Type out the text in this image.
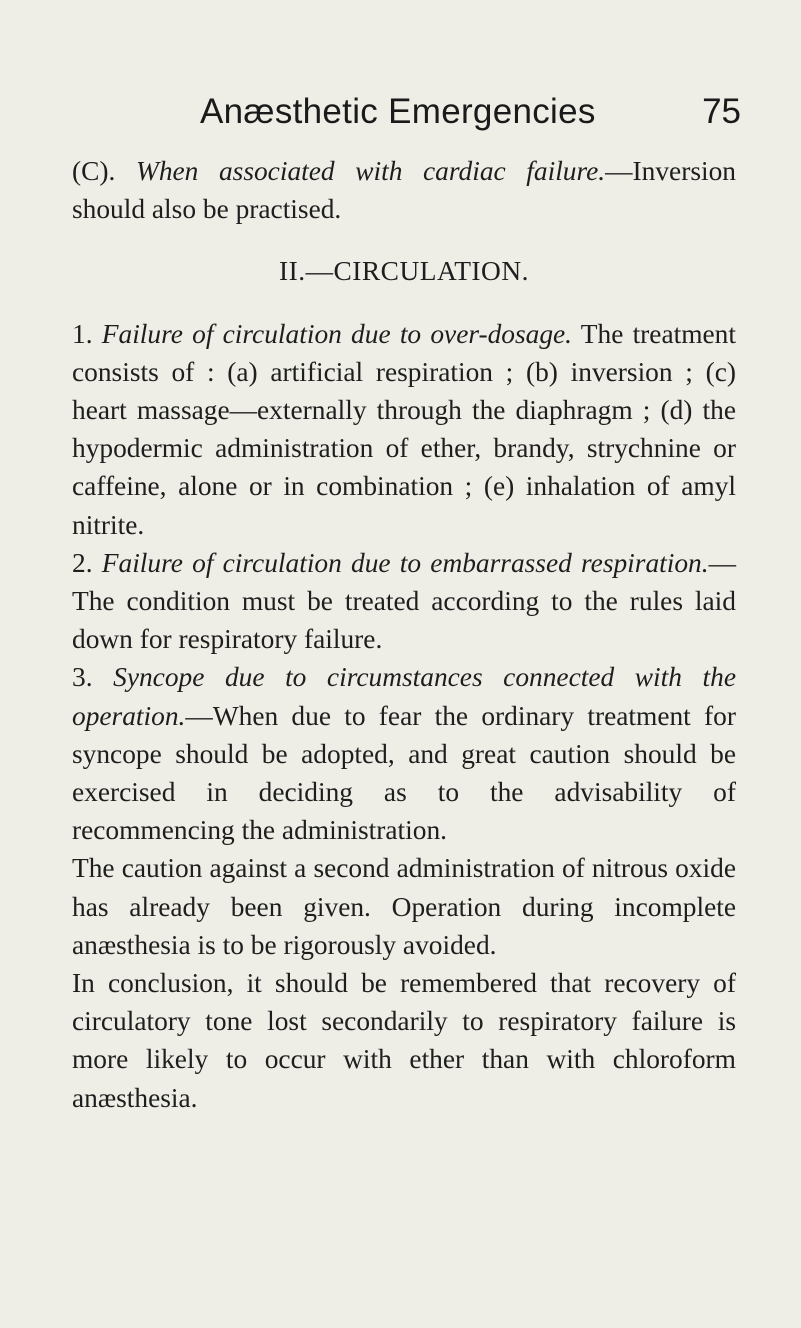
Anæsthetic Emergencies	75

(C). When associated with cardiac failure.—Inversion should also be practised.

II.—CIRCULATION.

1. Failure of circulation due to over-dosage. The treatment consists of : (a) artificial respiration ; (b) inversion ; (c) heart massage—externally through the diaphragm ; (d) the hypodermic administration of ether, brandy, strychnine or caffeine, alone or in combination ; (e) inhalation of amyl nitrite.

2. Failure of circulation due to embarrassed respiration.—The condition must be treated according to the rules laid down for respiratory failure.

3. Syncope due to circumstances connected with the operation.—When due to fear the ordinary treatment for syncope should be adopted, and great caution should be exercised in deciding as to the advisability of recommencing the administration.

The caution against a second administration of nitrous oxide has already been given. Operation during incomplete anæsthesia is to be rigorously avoided.

In conclusion, it should be remembered that recovery of circulatory tone lost secondarily to respiratory failure is more likely to occur with ether than with chloroform anæsthesia.
